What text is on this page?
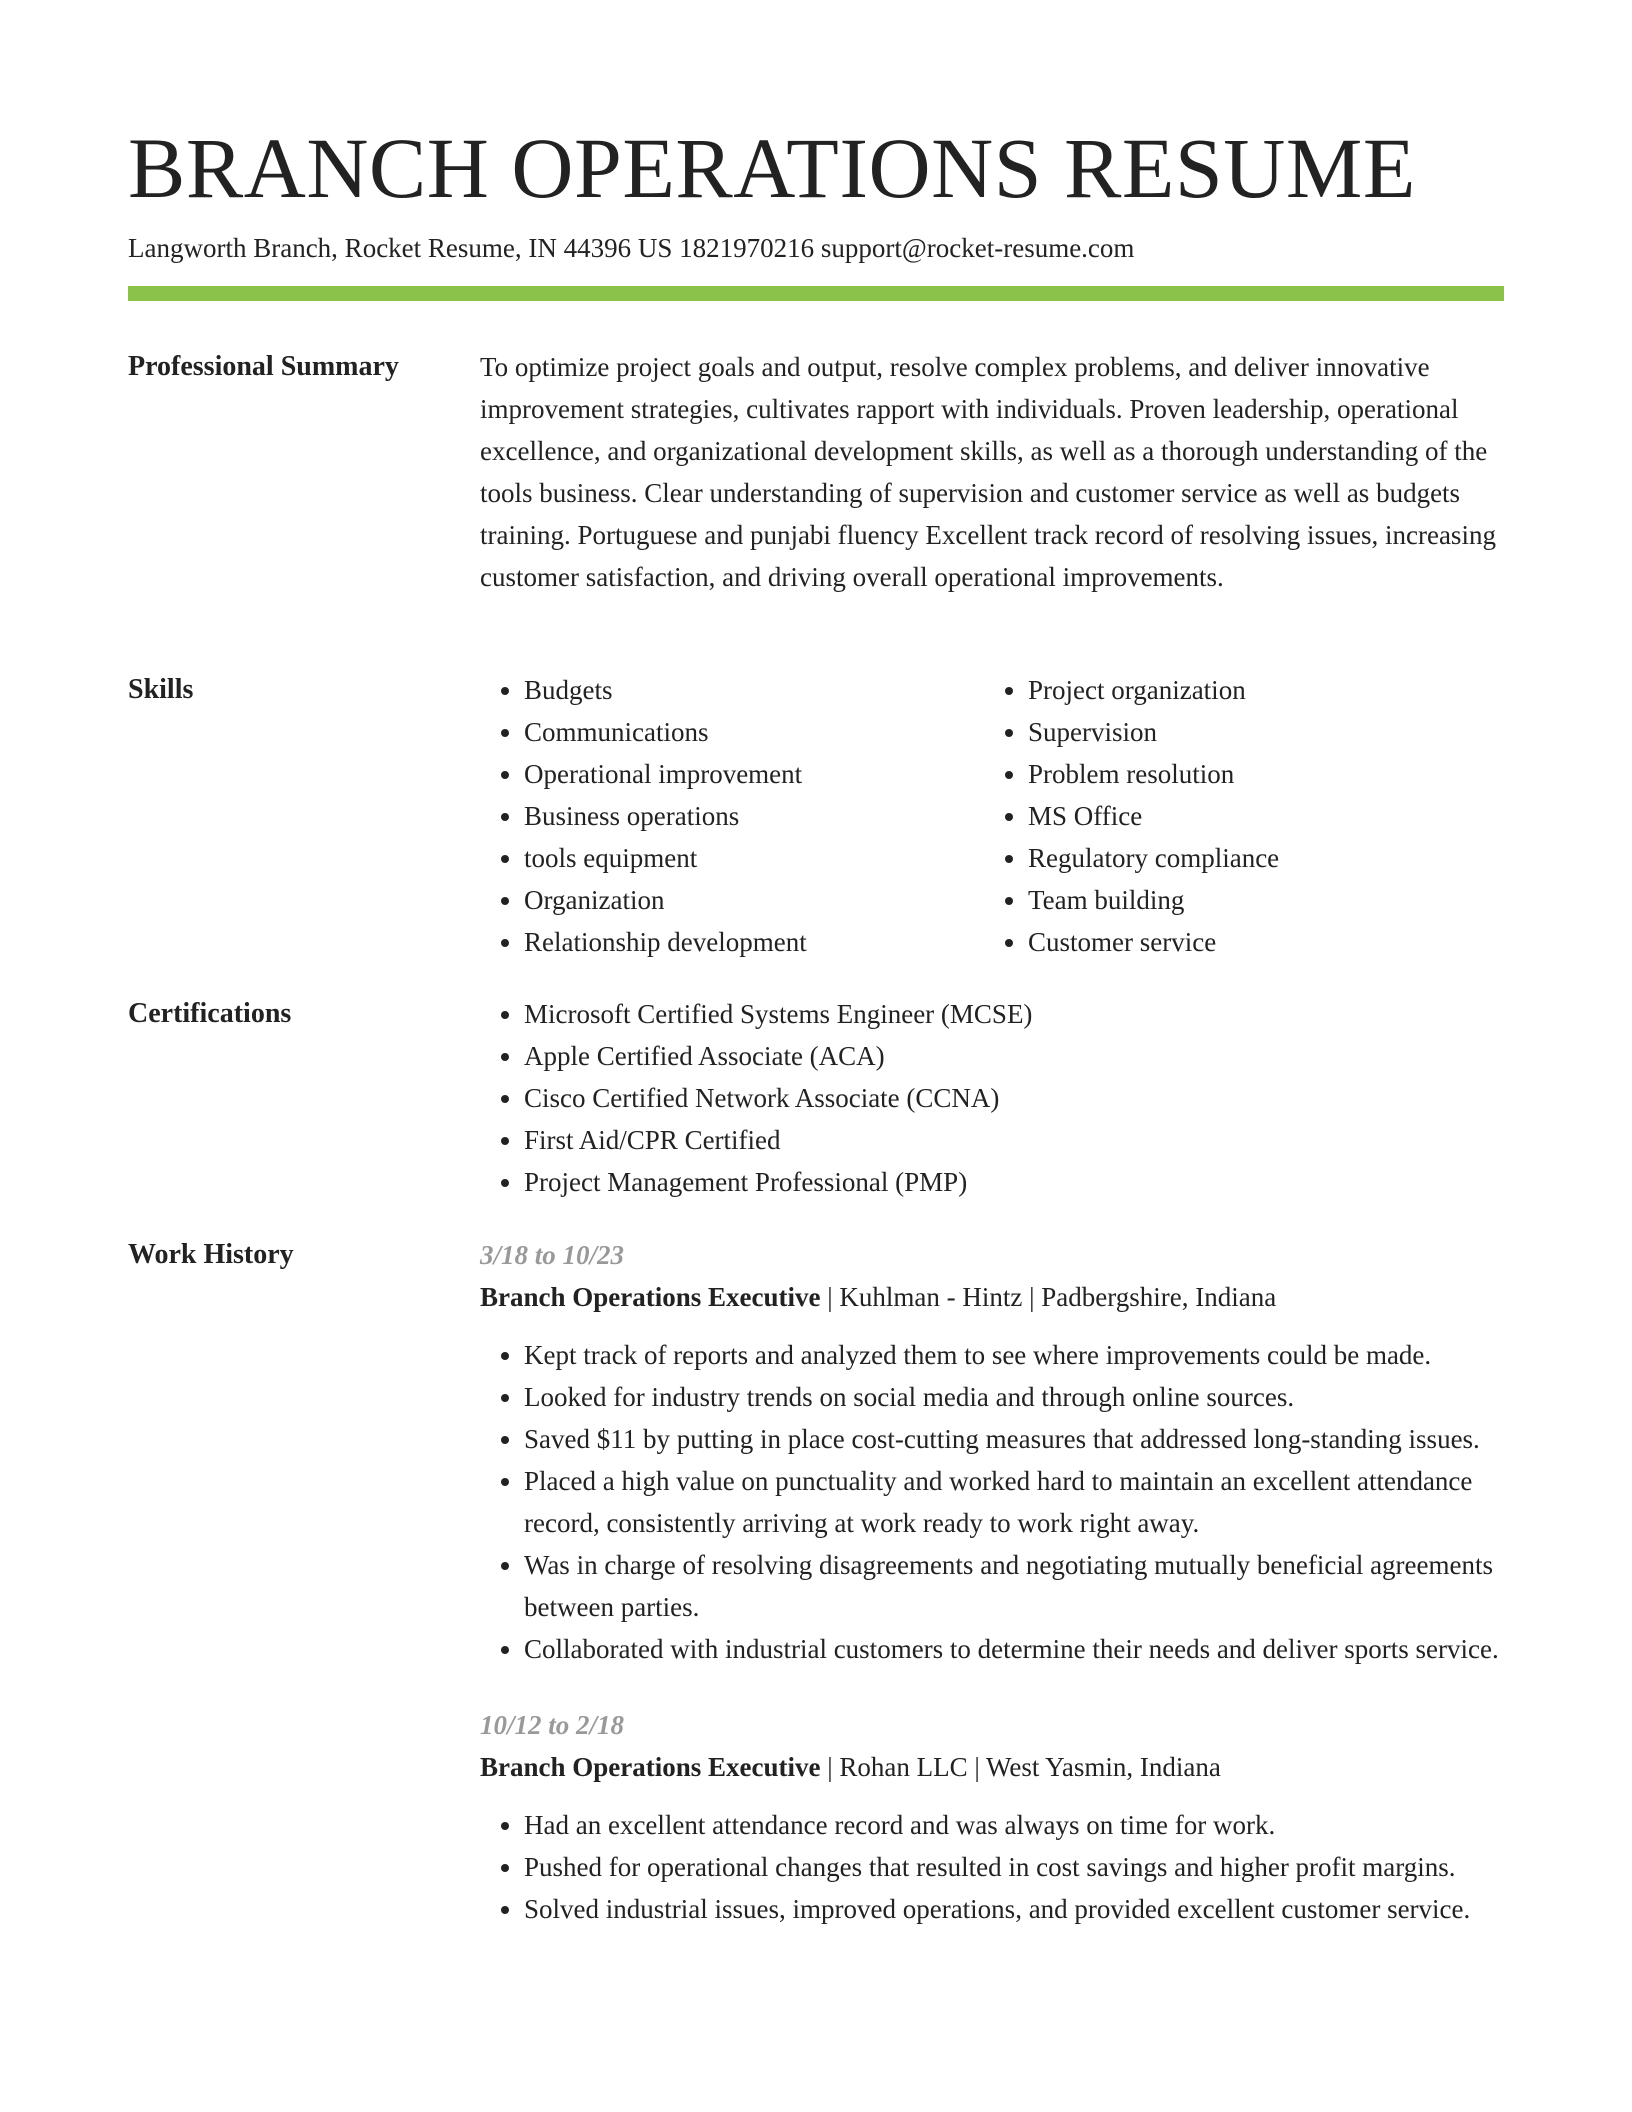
BRANCH OPERATIONS RESUME
Langworth Branch, Rocket Resume, IN 44396 US 1821970216 support@rocket-resume.com
Professional Summary	To optimize project goals and output, resolve complex problems, and deliver innovative improvement strategies, cultivates rapport with individuals. Proven leadership, operational excellence, and organizational development skills, as well as a thorough understanding of the tools business. Clear understanding of supervision and customer service as well as budgets training. Portuguese and punjabi fluency Excellent track record of resolving issues, increasing customer satisfaction, and driving overall operational improvements.

Skills	• Budgets
• Communications
• Operational improvement
• Business operations
• tools equipment
• Organization
• Relationship development
• Project organization
• Supervision
• Problem resolution
• MS Office
• Regulatory compliance
• Team building
• Customer service
Certifications	• Microsoft Certified Systems Engineer (MCSE)
• Apple Certified Associate (ACA)
• Cisco Certified Network Associate (CCNA)
• First Aid/CPR Certified
• Project Management Professional (PMP)
Work History	3/18 to 10/23
Branch Operations Executive | Kuhlman - Hintz | Padbergshire, Indiana
• Kept track of reports and analyzed them to see where improvements could be made.
• Looked for industry trends on social media and through online sources.
• Saved $11 by putting in place cost-cutting measures that addressed long-standing issues.
• Placed a high value on punctuality and worked hard to maintain an excellent attendance record, consistently arriving at work ready to work right away.
• Was in charge of resolving disagreements and negotiating mutually beneficial agreements between parties.
• Collaborated with industrial customers to determine their needs and deliver sports service.
10/12 to 2/18
Branch Operations Executive | Rohan LLC | West Yasmin, Indiana
• Had an excellent attendance record and was always on time for work.
• Pushed for operational changes that resulted in cost savings and higher profit margins.
• Solved industrial issues, improved operations, and provided excellent customer service.
